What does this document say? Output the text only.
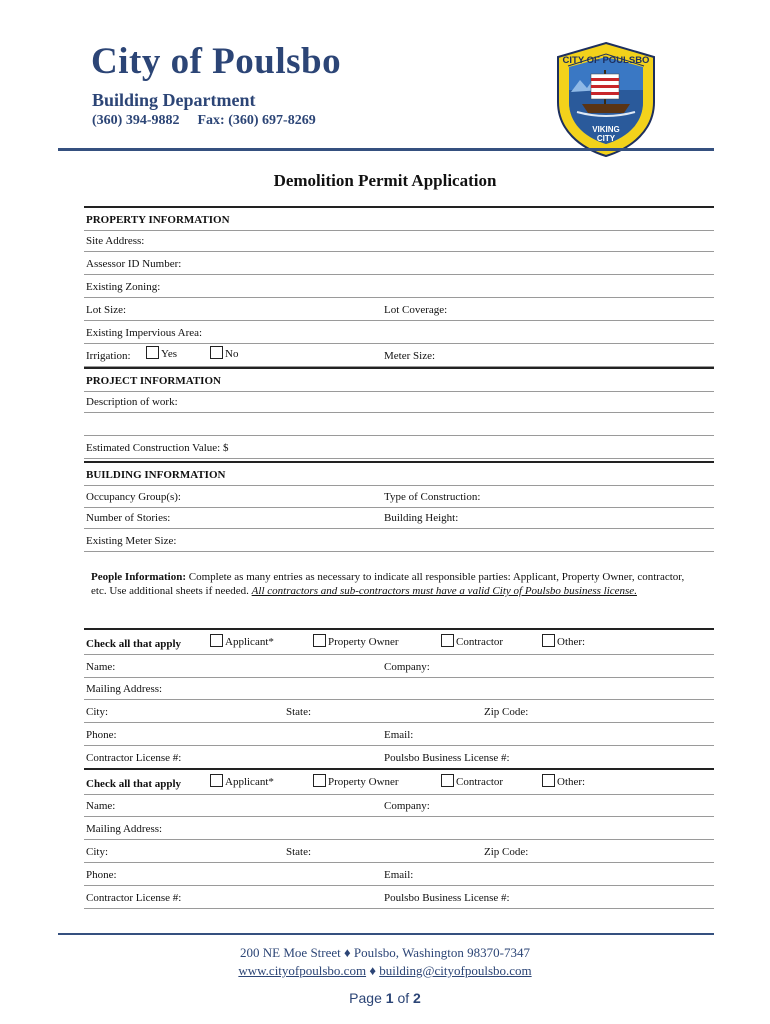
City of Poulsbo
Building Department
(360) 394-9882 Fax: (360) 697-8269
CITY OF POULSBO
VIKING
CITY
Demolition Permit Application
PROPERTY INFORMATION
Site Address:
Assessor ID Number:
Existing Zoning:
Lot Size:	Lot Coverage:
Existing Impervious Area:
Irrigation:	Yes	No	Meter Size:
PROJECT INFORMATION
Description of work:
Estimated Construction Value: $
BUILDING INFORMATION
Occupancy Group(s):	Type of Construction:
Number of Stories:	Building Height:
Existing Meter Size:
People Information: Complete as many entries as necessary to indicate all responsible parties: Applicant, Property Owner, contractor, etc. Use additional sheets if needed. All contractors and sub-contractors must have a valid City of Poulsbo business license.
Check all that apply	Applicant*	Property Owner	Contractor	Other:
Name:	Company:
Mailing Address:
City:	State:	Zip Code:
Phone:	Email:
Contractor License #:	Poulsbo Business License #:
Check all that apply	Applicant*	Property Owner	Contractor	Other:
Name:	Company:
Mailing Address:
City:	State:	Zip Code:
Phone:	Email:
Contractor License #:	Poulsbo Business License #:
200 NE Moe Street ♦ Poulsbo, Washington 98370-7347
www.cityofpoulsbo.com ♦ building@cityofpoulsbo.com
Page 1 of 2
